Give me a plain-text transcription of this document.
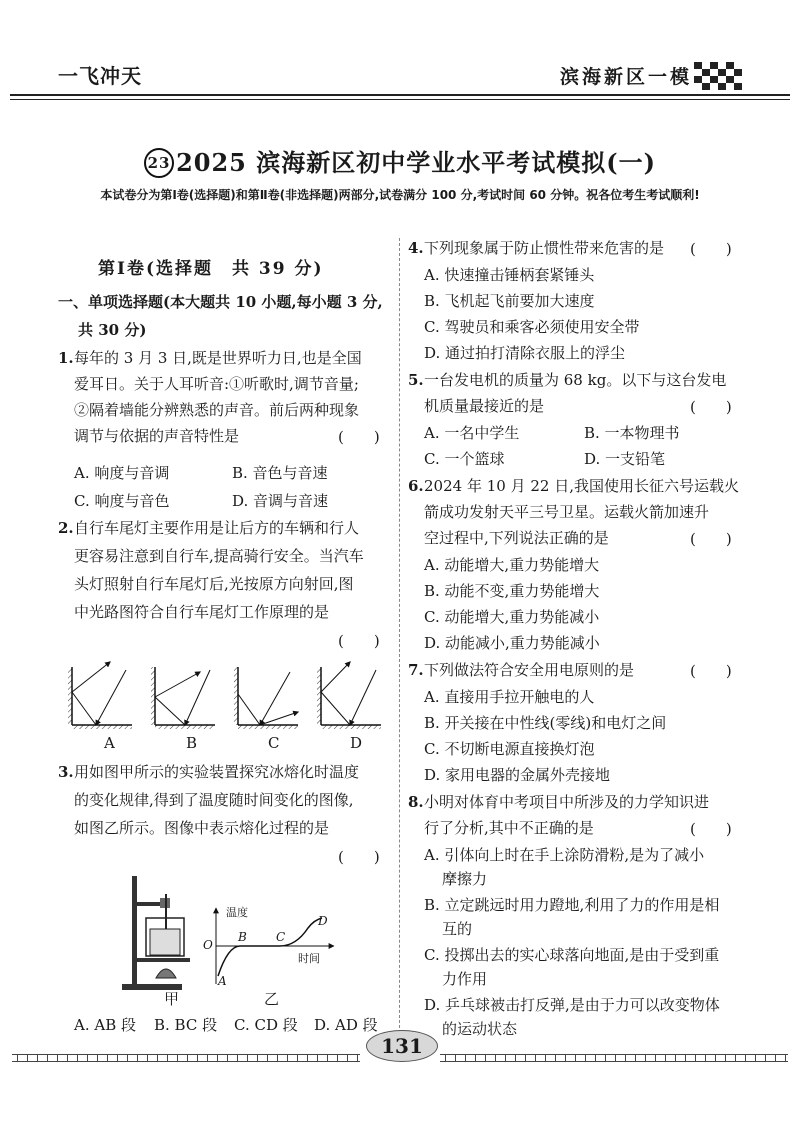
一飞冲天	滨海新区一模
23 2025 滨海新区初中学业水平考试模拟(一)
本试卷分为第Ⅰ卷(选择题)和第Ⅱ卷(非选择题)两部分,试卷满分 100 分,考试时间 60 分钟。祝各位考生考试顺利!
第Ⅰ卷(选择题　共 39 分)
一、单项选择题(本大题共 10 小题,每小题 3 分,
共 30 分)
1. 每年的 3 月 3 日,既是世界听力日,也是全国
爱耳日。关于人耳听音:①听歌时,调节音量;
②隔着墙能分辨熟悉的声音。前后两种现象
调节与依据的声音特性是	(　　)
A. 响度与音调	B. 音色与音速
C. 响度与音色	D. 音调与音速
2. 自行车尾灯主要作用是让后方的车辆和行人
更容易注意到自行车,提高骑行安全。当汽车
头灯照射自行车尾灯后,光按原方向射回,图
中光路图符合自行车尾灯工作原理的是
(　　)
A	B	C	D
3. 用如图甲所示的实验装置探究冰熔化时温度
的变化规律,得到了温度随时间变化的图像,
如图乙所示。图像中表示熔化过程的是
(　　)
甲
温度
时间
O
A
B C
D
乙
A. AB 段 B. BC 段 C. CD 段 D. AD 段
4. 下列现象属于防止惯性带来危害的是 (　　)
A. 快速撞击锤柄套紧锤头
B. 飞机起飞前要加大速度
C. 驾驶员和乘客必须使用安全带
D. 通过拍打清除衣服上的浮尘
5. 一台发电机的质量为 68 kg。以下与这台发电
机质量最接近的是	(　　)
A. 一名中学生	B. 一本物理书
C. 一个篮球	D. 一支铅笔
6. 2024 年 10 月 22 日,我国使用长征六号运载火
箭成功发射天平三号卫星。运载火箭加速升
空过程中,下列说法正确的是	(　　)
A. 动能增大,重力势能增大
B. 动能不变,重力势能增大
C. 动能增大,重力势能减小
D. 动能减小,重力势能减小
7. 下列做法符合安全用电原则的是	(　　)
A. 直接用手拉开触电的人
B. 开关接在中性线(零线)和电灯之间
C. 不切断电源直接换灯泡
D. 家用电器的金属外壳接地
8. 小明对体育中考项目中所涉及的力学知识进
行了分析,其中不正确的是	(　　)
A. 引体向上时在手上涂防滑粉,是为了减小
摩擦力
B. 立定跳远时用力蹬地,利用了力的作用是相
互的
C. 投掷出去的实心球落向地面,是由于受到重
力作用
D. 乒乓球被击打反弹,是由于力可以改变物体
的运动状态
131
